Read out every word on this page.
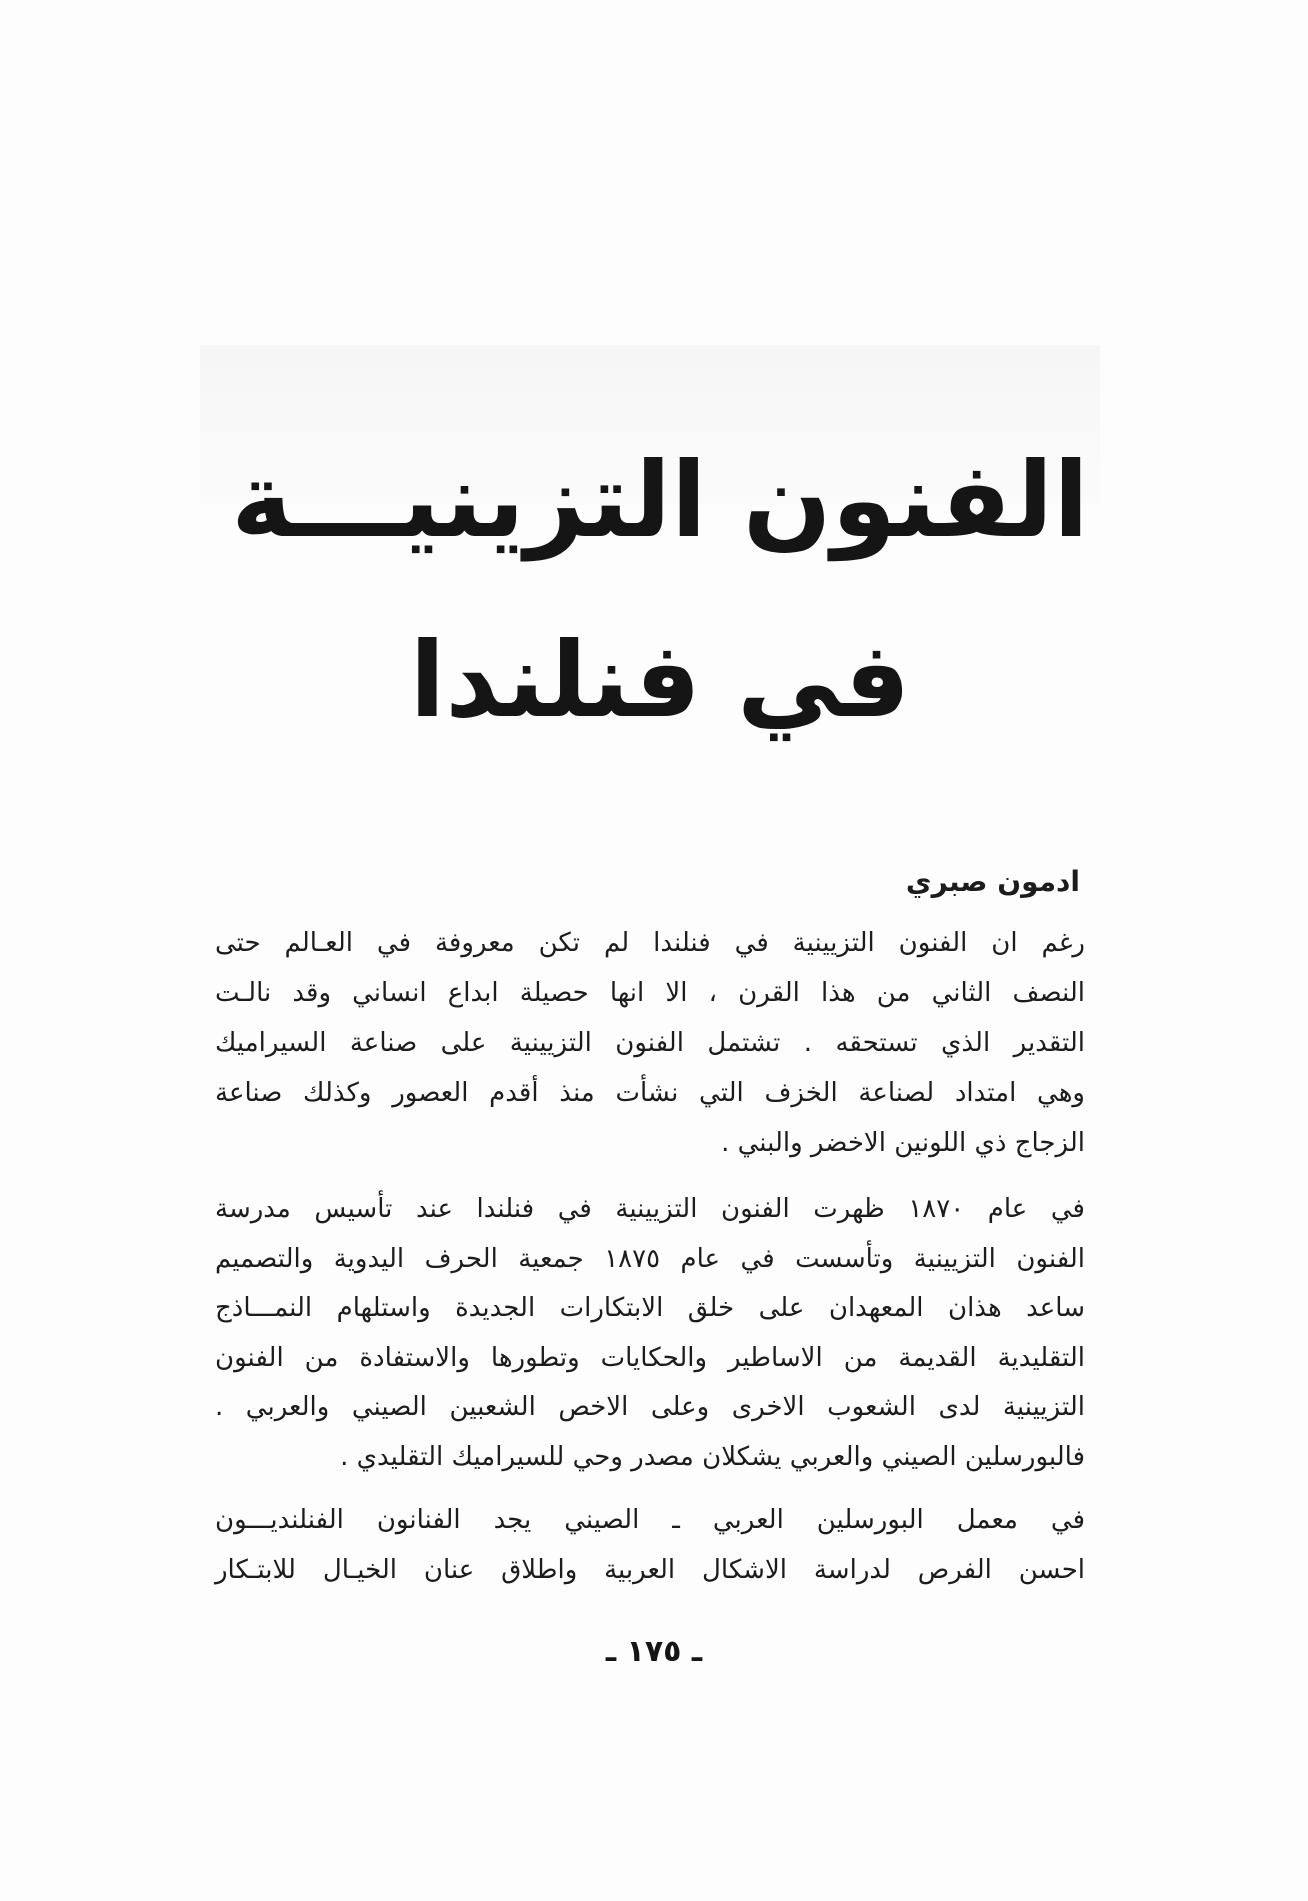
الفنون التزينيـــة
في فنلندا
ادمون صبري
رغم ان الفنون التزيينية في فنلندا لم تكن معروفة في العـالم حتى
النصف الثاني من هذا القرن ، الا انها حصيلة ابداع انساني وقد نالـت
التقدير الذي تستحقه . تشتمل الفنون التزيينية على صناعة السيراميك
وهي امتداد لصناعة الخزف التي نشأت منذ أقدم العصور وكذلك صناعة
الزجاج ذي اللونين الاخضر والبني .
في عام ١٨٧٠ ظهرت الفنون التزيينية في فنلندا عند تأسيس مدرسة
الفنون التزيينية وتأسست في عام ١٨٧٥ جمعية الحرف اليدوية والتصميم
ساعد هذان المعهدان على خلق الابتكارات الجديدة واستلهام النمـــاذج
التقليدية القديمة من الاساطير والحكايات وتطورها والاستفادة من الفنون
التزيينية لدى الشعوب الاخرى وعلى الاخص الشعبين الصيني والعربي .
فالبورسلين الصيني والعربي يشكلان مصدر وحي للسيراميك التقليدي .
في معمل البورسلين العربي ـ الصيني يجد الفنانون الفنلنديـــون
احسن الفرص لدراسة الاشكال العربية واطلاق عنان الخيـال للابتـكار
ـ ١٧٥ ـ
